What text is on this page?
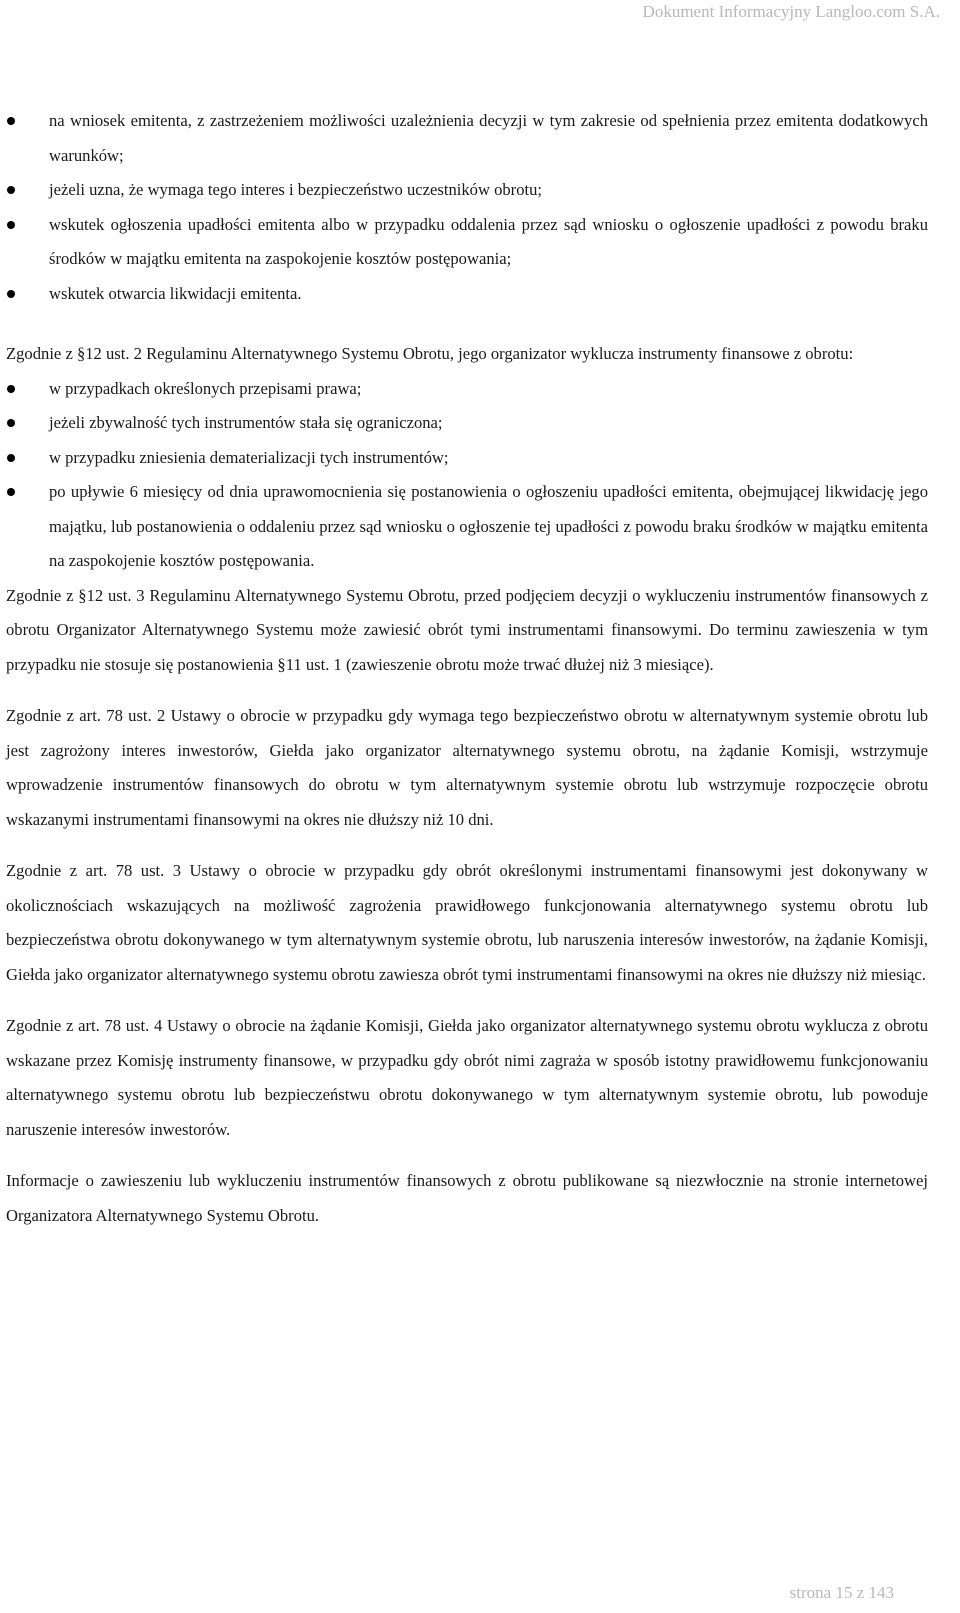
Dokument Informacyjny Langloo.com S.A.
na wniosek emitenta, z zastrzeżeniem możliwości uzależnienia decyzji w tym zakresie od spełnienia przez emitenta dodatkowych warunków;
jeżeli uzna, że wymaga tego interes i bezpieczeństwo uczestników obrotu;
wskutek ogłoszenia upadłości emitenta albo w przypadku oddalenia przez sąd wniosku o ogłoszenie upadłości z powodu braku środków w majątku emitenta na zaspokojenie kosztów postępowania;
wskutek otwarcia likwidacji emitenta.

Zgodnie z §12 ust. 2 Regulaminu Alternatywnego Systemu Obrotu, jego organizator wyklucza instrumenty finansowe z obrotu:

w przypadkach określonych przepisami prawa;
jeżeli zbywalność tych instrumentów stała się ograniczona;
w przypadku zniesienia dematerializacji tych instrumentów;
po upływie 6 miesięcy od dnia uprawomocnienia się postanowienia o ogłoszeniu upadłości emitenta, obejmującej likwidację jego majątku, lub postanowienia o oddaleniu przez sąd wniosku o ogłoszenie tej upadłości z powodu braku środków w majątku emitenta na zaspokojenie kosztów postępowania.

Zgodnie z §12 ust. 3 Regulaminu Alternatywnego Systemu Obrotu, przed podjęciem decyzji o wykluczeniu instrumentów finansowych z obrotu Organizator Alternatywnego Systemu może zawiesić obrót tymi instrumentami finansowymi. Do terminu zawieszenia w tym przypadku nie stosuje się postanowienia §11 ust. 1 (zawieszenie obrotu może trwać dłużej niż 3 miesiące).

Zgodnie z art. 78 ust. 2 Ustawy o obrocie w przypadku gdy wymaga tego bezpieczeństwo obrotu w alternatywnym systemie obrotu lub jest zagrożony interes inwestorów, Giełda jako organizator alternatywnego systemu obrotu, na żądanie Komisji, wstrzymuje wprowadzenie instrumentów finansowych do obrotu w tym alternatywnym systemie obrotu lub wstrzymuje rozpoczęcie obrotu wskazanymi instrumentami finansowymi na okres nie dłuższy niż 10 dni.

Zgodnie z art. 78 ust. 3 Ustawy o obrocie w przypadku gdy obrót określonymi instrumentami finansowymi jest dokonywany w okolicznościach wskazujących na możliwość zagrożenia prawidłowego funkcjonowania alternatywnego systemu obrotu lub bezpieczeństwa obrotu dokonywanego w tym alternatywnym systemie obrotu, lub naruszenia interesów inwestorów, na żądanie Komisji, Giełda jako organizator alternatywnego systemu obrotu zawiesza obrót tymi instrumentami finansowymi na okres nie dłuższy niż miesiąc.

Zgodnie z art. 78 ust. 4 Ustawy o obrocie na żądanie Komisji, Giełda jako organizator alternatywnego systemu obrotu wyklucza z obrotu wskazane przez Komisję instrumenty finansowe, w przypadku gdy obrót nimi zagraża w sposób istotny prawidłowemu funkcjonowaniu alternatywnego systemu obrotu lub bezpieczeństwu obrotu dokonywanego w tym alternatywnym systemie obrotu, lub powoduje naruszenie interesów inwestorów.

Informacje o zawieszeniu lub wykluczeniu instrumentów finansowych z obrotu publikowane są niezwłocznie na stronie internetowej Organizatora Alternatywnego Systemu Obrotu.

strona 15 z 143
